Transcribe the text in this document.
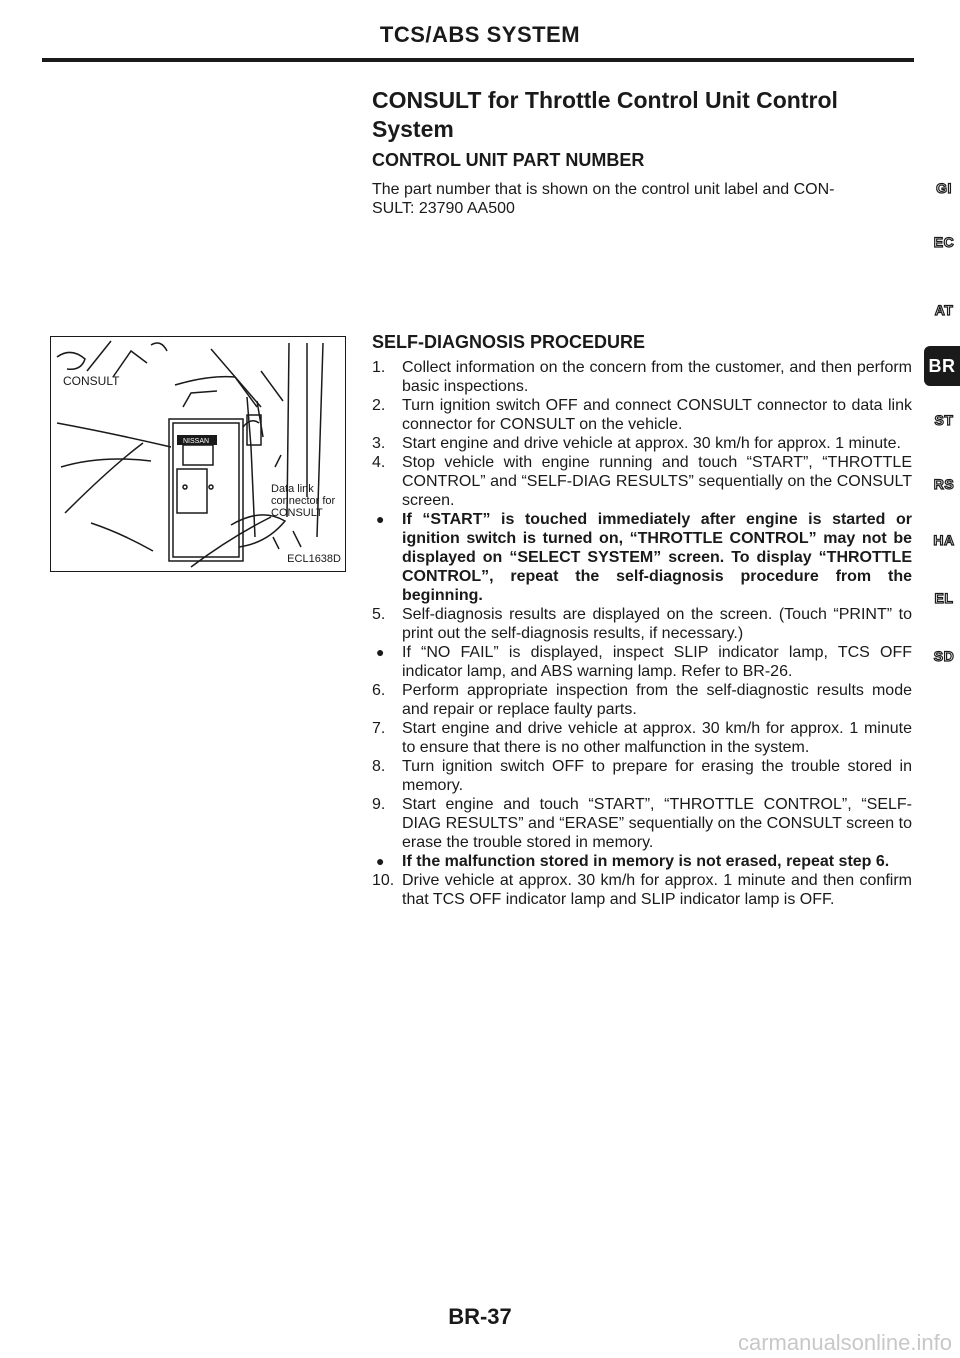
TCS/ABS SYSTEM
CONSULT for Throttle Control Unit Control
System
CONTROL UNIT PART NUMBER
The part number that is shown on the control unit label and CON-
SULT: 23790 AA500
SELF-DIAGNOSIS PROCEDURE
1.	Collect information on the concern from the customer, and then perform basic inspections.
2.	Turn ignition switch OFF and connect CONSULT connector to data link connector for CONSULT on the vehicle.
3.	Start engine and drive vehicle at approx. 30 km/h for approx. 1 minute.
4.	Stop vehicle with engine running and touch “START”, “THROTTLE CONTROL” and “SELF-DIAG RESULTS” sequentially on the CONSULT screen.
●	If “START” is touched immediately after engine is started or ignition switch is turned on, “THROTTLE CONTROL” may not be displayed on “SELECT SYSTEM” screen. To display “THROTTLE CONTROL”, repeat the self-diagnosis procedure from the beginning.
5.	Self-diagnosis results are displayed on the screen. (Touch “PRINT” to print out the self-diagnosis results, if necessary.)
●	If “NO FAIL” is displayed, inspect SLIP indicator lamp, TCS OFF indicator lamp, and ABS warning lamp. Refer to BR-26.
6.	Perform appropriate inspection from the self-diagnostic results mode and repair or replace faulty parts.
7.	Start engine and drive vehicle at approx. 30 km/h for approx. 1 minute to ensure that there is no other malfunction in the system.
8.	Turn ignition switch OFF to prepare for erasing the trouble stored in memory.
9.	Start engine and touch “START”, “THROTTLE CONTROL”, “SELF-DIAG RESULTS” and “ERASE” sequentially on the CONSULT screen to erase the trouble stored in memory.
●	If the malfunction stored in memory is not erased, repeat step 6.
10. Drive vehicle at approx. 30 km/h for approx. 1 minute and then confirm that TCS OFF indicator lamp and SLIP indicator lamp is OFF.
CONSULT
NISSAN
Data link
connector for
CONSULT
ECL1638D
GI
EC
AT
BR
ST
RS
HA
EL
SD
BR-37
carmanualsonline.info
